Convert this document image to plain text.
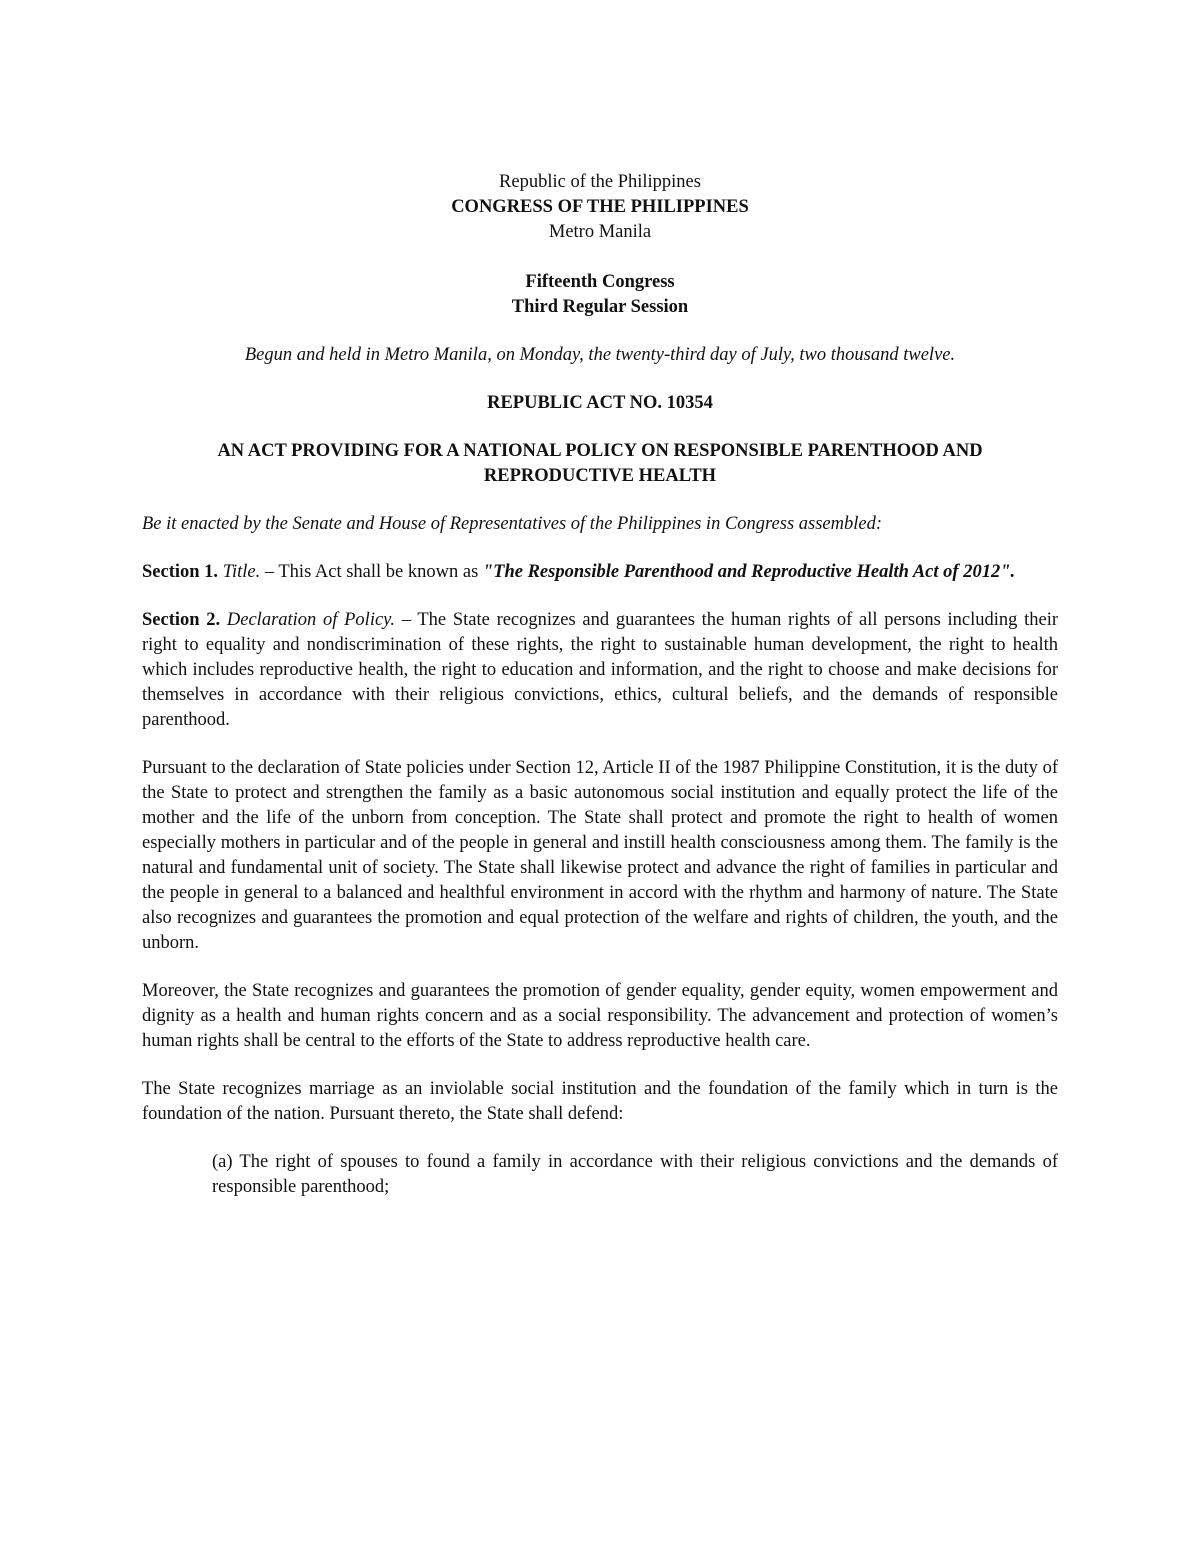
Republic of the Philippines
CONGRESS OF THE PHILIPPINES
Metro Manila
Fifteenth Congress
Third Regular Session
Begun and held in Metro Manila, on Monday, the twenty-third day of July, two thousand twelve.
REPUBLIC ACT NO. 10354
AN ACT PROVIDING FOR A NATIONAL POLICY ON RESPONSIBLE PARENTHOOD AND
REPRODUCTIVE HEALTH
Be it enacted by the Senate and House of Representatives of the Philippines in Congress assembled:

Section 1. Title. – This Act shall be known as "The Responsible Parenthood and Reproductive Health Act of 2012".

Section 2. Declaration of Policy. – The State recognizes and guarantees the human rights of all persons including their right to equality and nondiscrimination of these rights, the right to sustainable human development, the right to health which includes reproductive health, the right to education and information, and the right to choose and make decisions for themselves in accordance with their religious convictions, ethics, cultural beliefs, and the demands of responsible parenthood.

Pursuant to the declaration of State policies under Section 12, Article II of the 1987 Philippine Constitution, it is the duty of the State to protect and strengthen the family as a basic autonomous social institution and equally protect the life of the mother and the life of the unborn from conception. The State shall protect and promote the right to health of women especially mothers in particular and of the people in general and instill health consciousness among them. The family is the natural and fundamental unit of society. The State shall likewise protect and advance the right of families in particular and the people in general to a balanced and healthful environment in accord with the rhythm and harmony of nature. The State also recognizes and guarantees the promotion and equal protection of the welfare and rights of children, the youth, and the unborn.

Moreover, the State recognizes and guarantees the promotion of gender equality, gender equity, women empowerment and dignity as a health and human rights concern and as a social responsibility. The advancement and protection of women’s human rights shall be central to the efforts of the State to address reproductive health care.

The State recognizes marriage as an inviolable social institution and the foundation of the family which in turn is the foundation of the nation. Pursuant thereto, the State shall defend:

(a) The right of spouses to found a family in accordance with their religious convictions and the demands of responsible parenthood;
